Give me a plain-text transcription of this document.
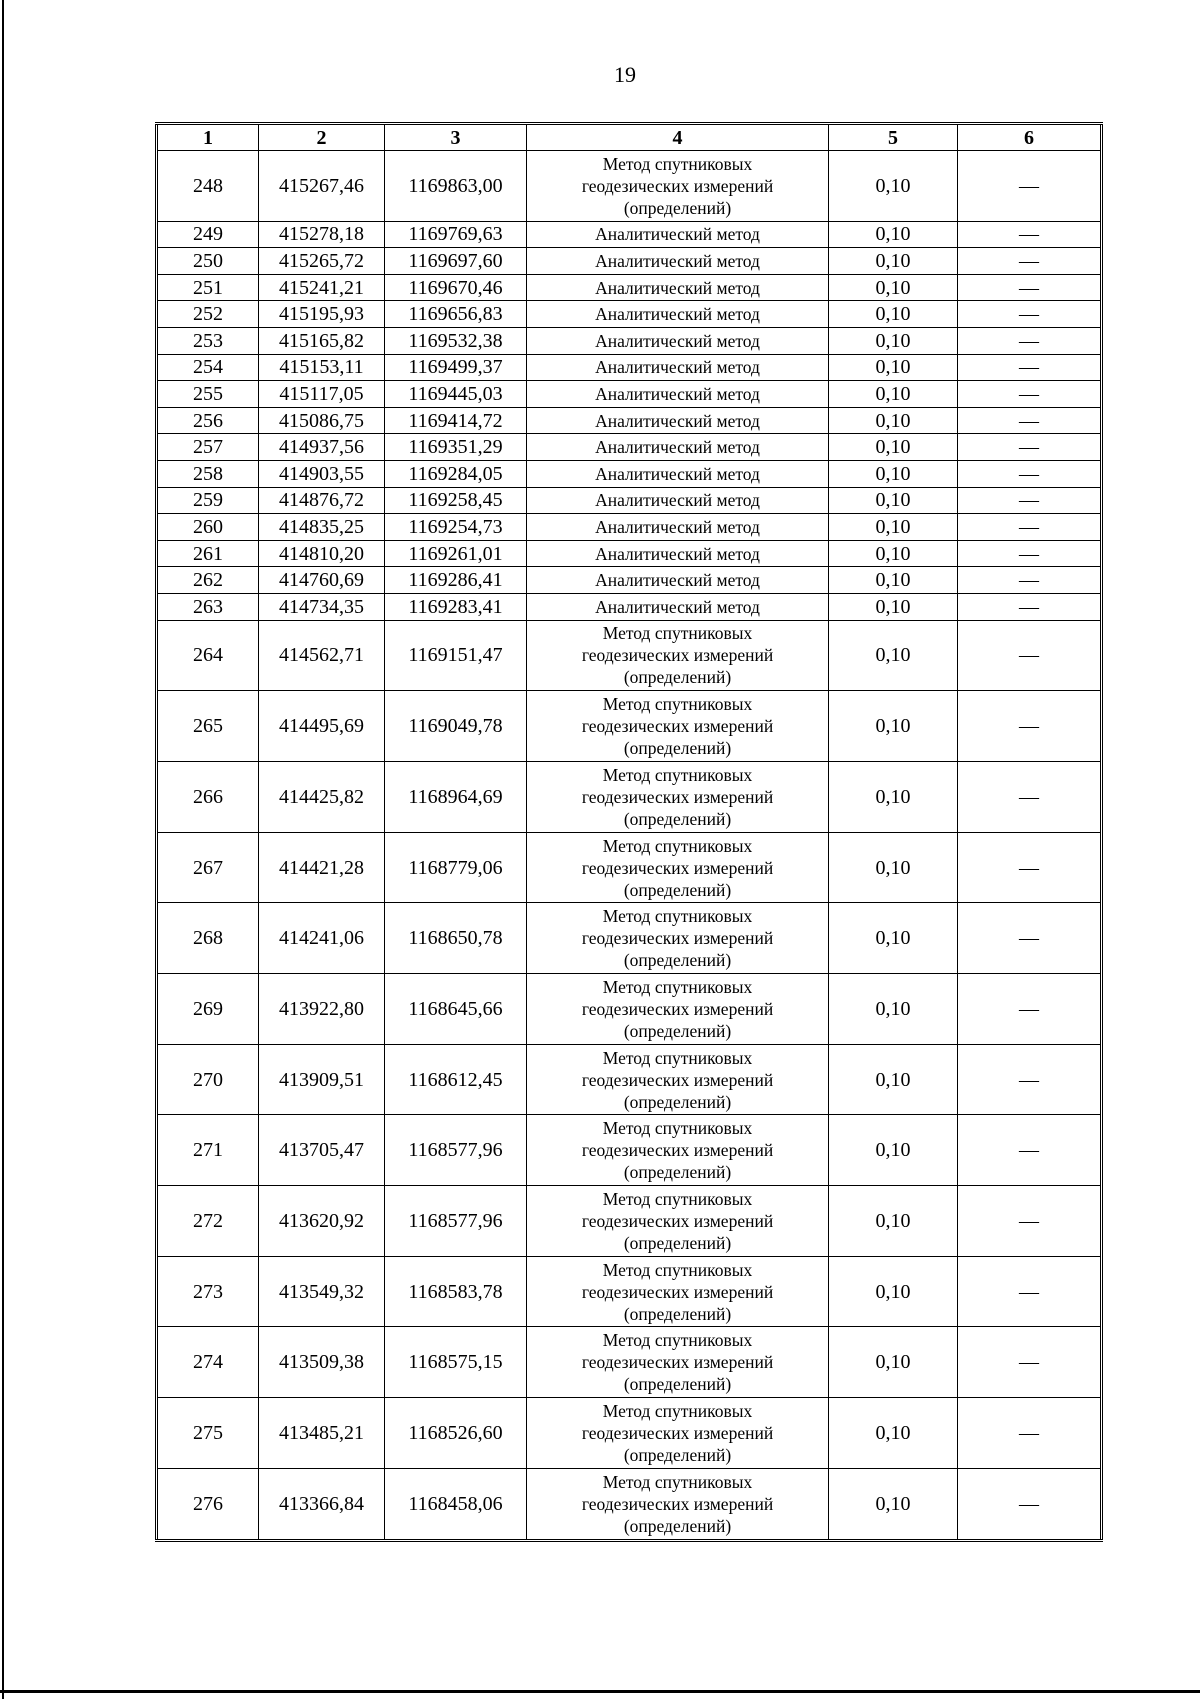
19
1	2	3	4	5	6
248	415267,46	1169863,00	Метод спутниковых
геодезических измерений
(определений)	0,10	—
249	415278,18	1169769,63	Аналитический метод	0,10	—
250	415265,72	1169697,60	Аналитический метод	0,10	—
251	415241,21	1169670,46	Аналитический метод	0,10	—
252	415195,93	1169656,83	Аналитический метод	0,10	—
253	415165,82	1169532,38	Аналитический метод	0,10	—
254	415153,11	1169499,37	Аналитический метод	0,10	—
255	415117,05	1169445,03	Аналитический метод	0,10	—
256	415086,75	1169414,72	Аналитический метод	0,10	—
257	414937,56	1169351,29	Аналитический метод	0,10	—
258	414903,55	1169284,05	Аналитический метод	0,10	—
259	414876,72	1169258,45	Аналитический метод	0,10	—
260	414835,25	1169254,73	Аналитический метод	0,10	—
261	414810,20	1169261,01	Аналитический метод	0,10	—
262	414760,69	1169286,41	Аналитический метод	0,10	—
263	414734,35	1169283,41	Аналитический метод	0,10	—
264	414562,71	1169151,47	Метод спутниковых
геодезических измерений
(определений)	0,10	—
265	414495,69	1169049,78	Метод спутниковых
геодезических измерений
(определений)	0,10	—
266	414425,82	1168964,69	Метод спутниковых
геодезических измерений
(определений)	0,10	—
267	414421,28	1168779,06	Метод спутниковых
геодезических измерений
(определений)	0,10	—
268	414241,06	1168650,78	Метод спутниковых
геодезических измерений
(определений)	0,10	—
269	413922,80	1168645,66	Метод спутниковых
геодезических измерений
(определений)	0,10	—
270	413909,51	1168612,45	Метод спутниковых
геодезических измерений
(определений)	0,10	—
271	413705,47	1168577,96	Метод спутниковых
геодезических измерений
(определений)	0,10	—
272	413620,92	1168577,96	Метод спутниковых
геодезических измерений
(определений)	0,10	—
273	413549,32	1168583,78	Метод спутниковых
геодезических измерений
(определений)	0,10	—
274	413509,38	1168575,15	Метод спутниковых
геодезических измерений
(определений)	0,10	—
275	413485,21	1168526,60	Метод спутниковых
геодезических измерений
(определений)	0,10	—
276	413366,84	1168458,06	Метод спутниковых
геодезических измерений
(определений)	0,10	—
